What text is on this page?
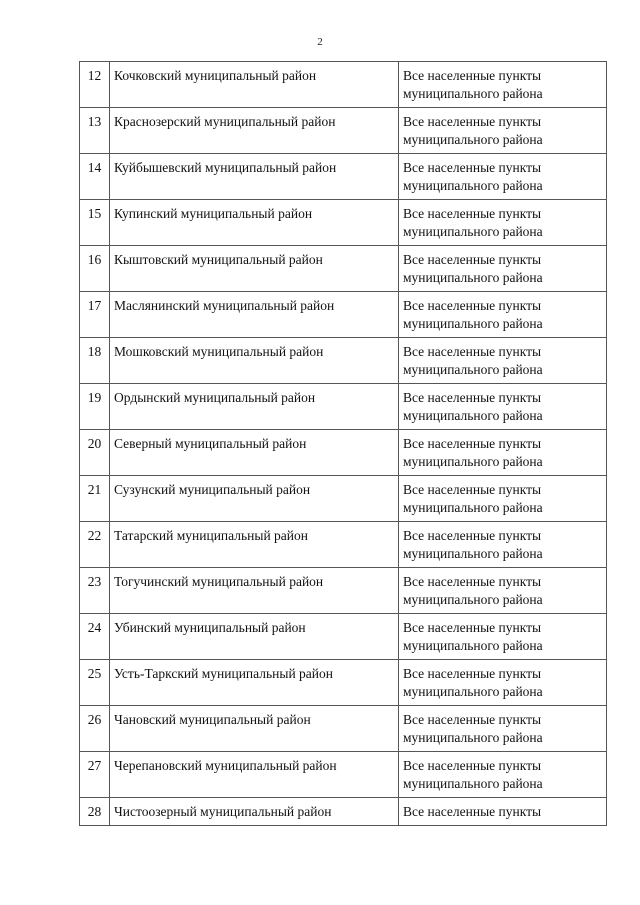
2
12	Кочковский муниципальный район	Все населенные пункты
муниципального района

13	Краснозерский муниципальный район	Все населенные пункты
муниципального района

14	Куйбышевский муниципальный район	Все населенные пункты
муниципального района

15	Купинский муниципальный район	Все населенные пункты
муниципального района

16	Кыштовский муниципальный район	Все населенные пункты
муниципального района

17	Маслянинский муниципальный район	Все населенные пункты
муниципального района

18	Мошковский муниципальный район	Все населенные пункты
муниципального района

19	Ордынский муниципальный район	Все населенные пункты
муниципального района

20	Северный муниципальный район	Все населенные пункты
муниципального района

21	Сузунский муниципальный район	Все населенные пункты
муниципального района

22	Татарский муниципальный район	Все населенные пункты
муниципального района

23	Тогучинский муниципальный район	Все населенные пункты
муниципального района

24	Убинский муниципальный район	Все населенные пункты
муниципального района

25	Усть-Таркский муниципальный район	Все населенные пункты
муниципального района

26	Чановский муниципальный район	Все населенные пункты
муниципального района

27	Черепановский муниципальный район	Все населенные пункты
муниципального района

28	Чистоозерный муниципальный район	Все населенные пункты
